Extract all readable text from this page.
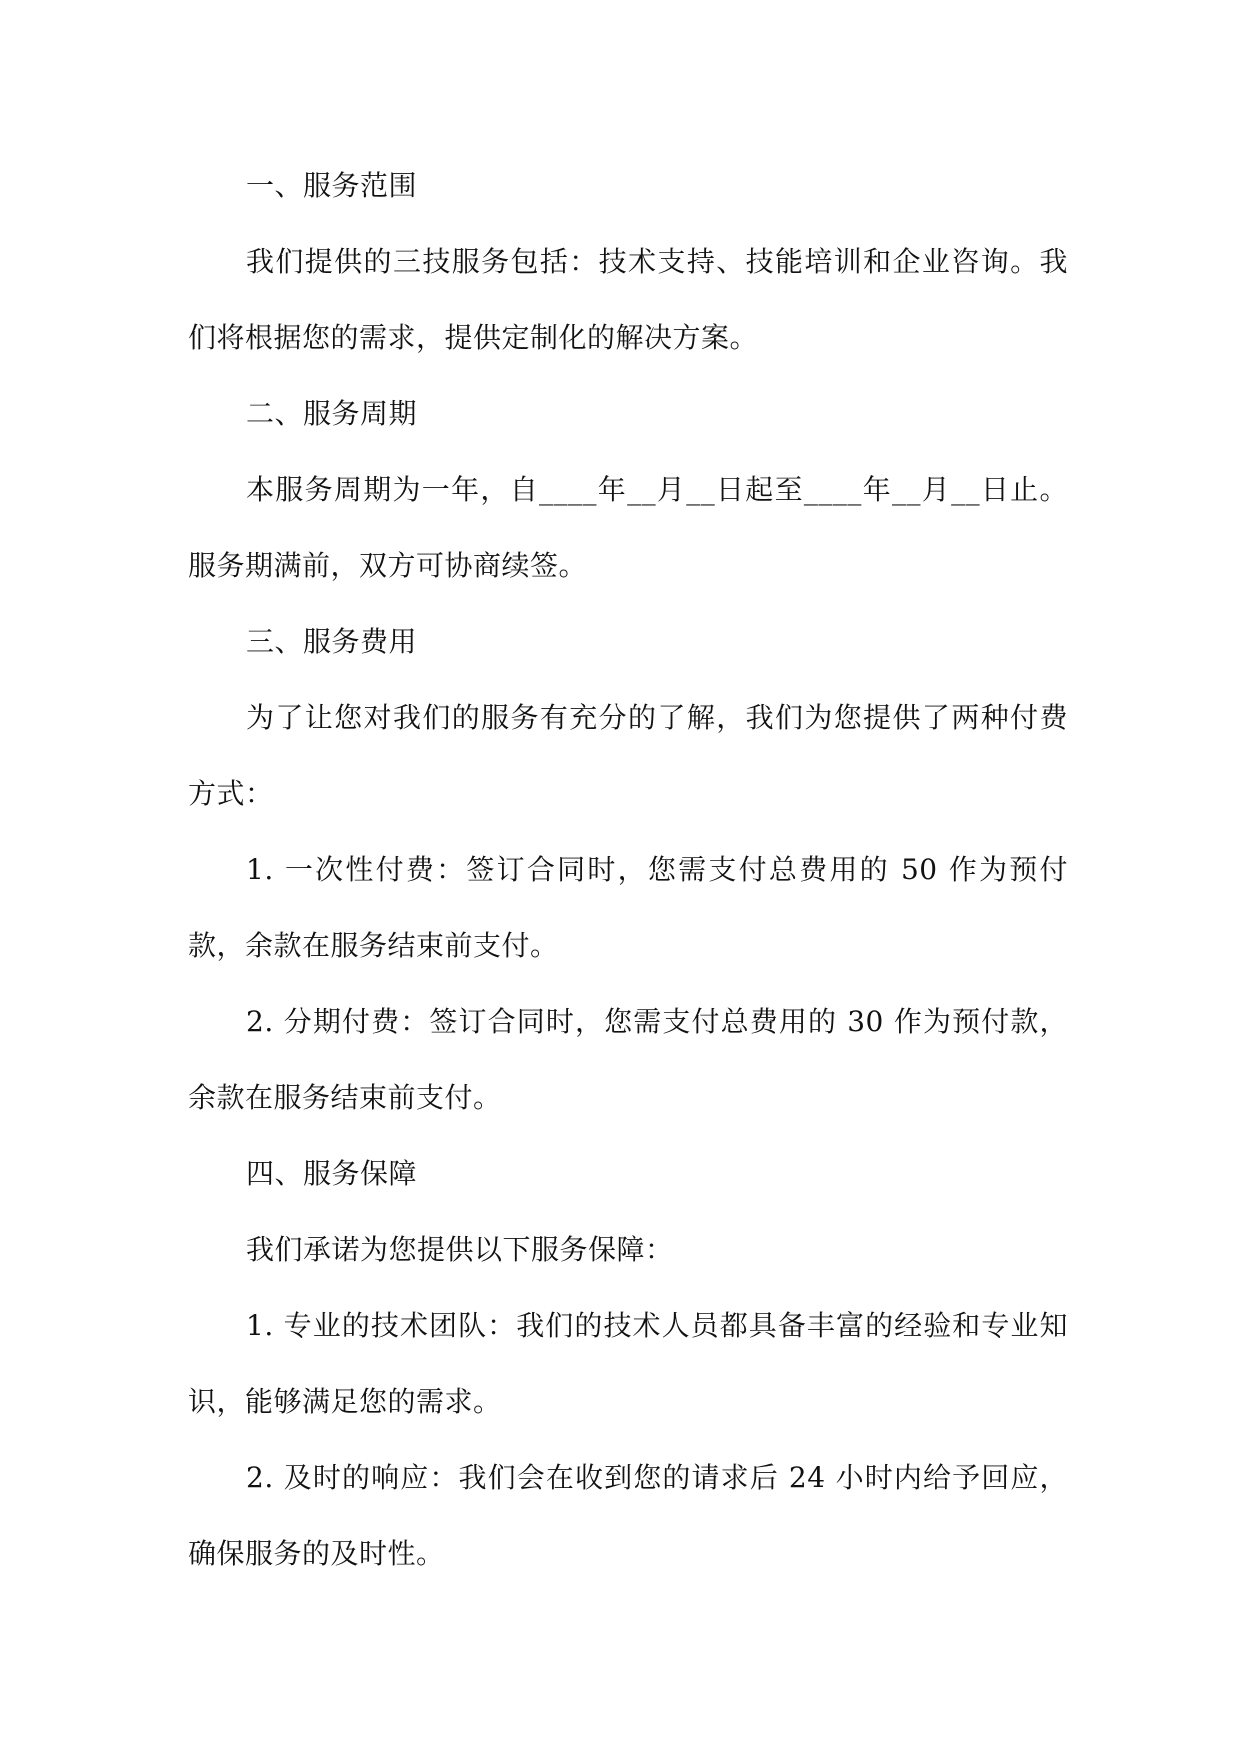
一、服务范围

我们提供的三技服务包括：技术支持、技能培训和企业咨询。我们将根据您的需求，提供定制化的解决方案。

二、服务周期

本服务周期为一年，自____年__月__日起至____年__月__日止。服务期满前，双方可协商续签。

三、服务费用

为了让您对我们的服务有充分的了解，我们为您提供了两种付费方式：

1. 一次性付费：签订合同时，您需支付总费用的 50 作为预付款，余款在服务结束前支付。

2. 分期付费：签订合同时，您需支付总费用的 30 作为预付款，余款在服务结束前支付。

四、服务保障

我们承诺为您提供以下服务保障：

1. 专业的技术团队：我们的技术人员都具备丰富的经验和专业知识，能够满足您的需求。

2. 及时的响应：我们会在收到您的请求后 24 小时内给予回应，确保服务的及时性。
